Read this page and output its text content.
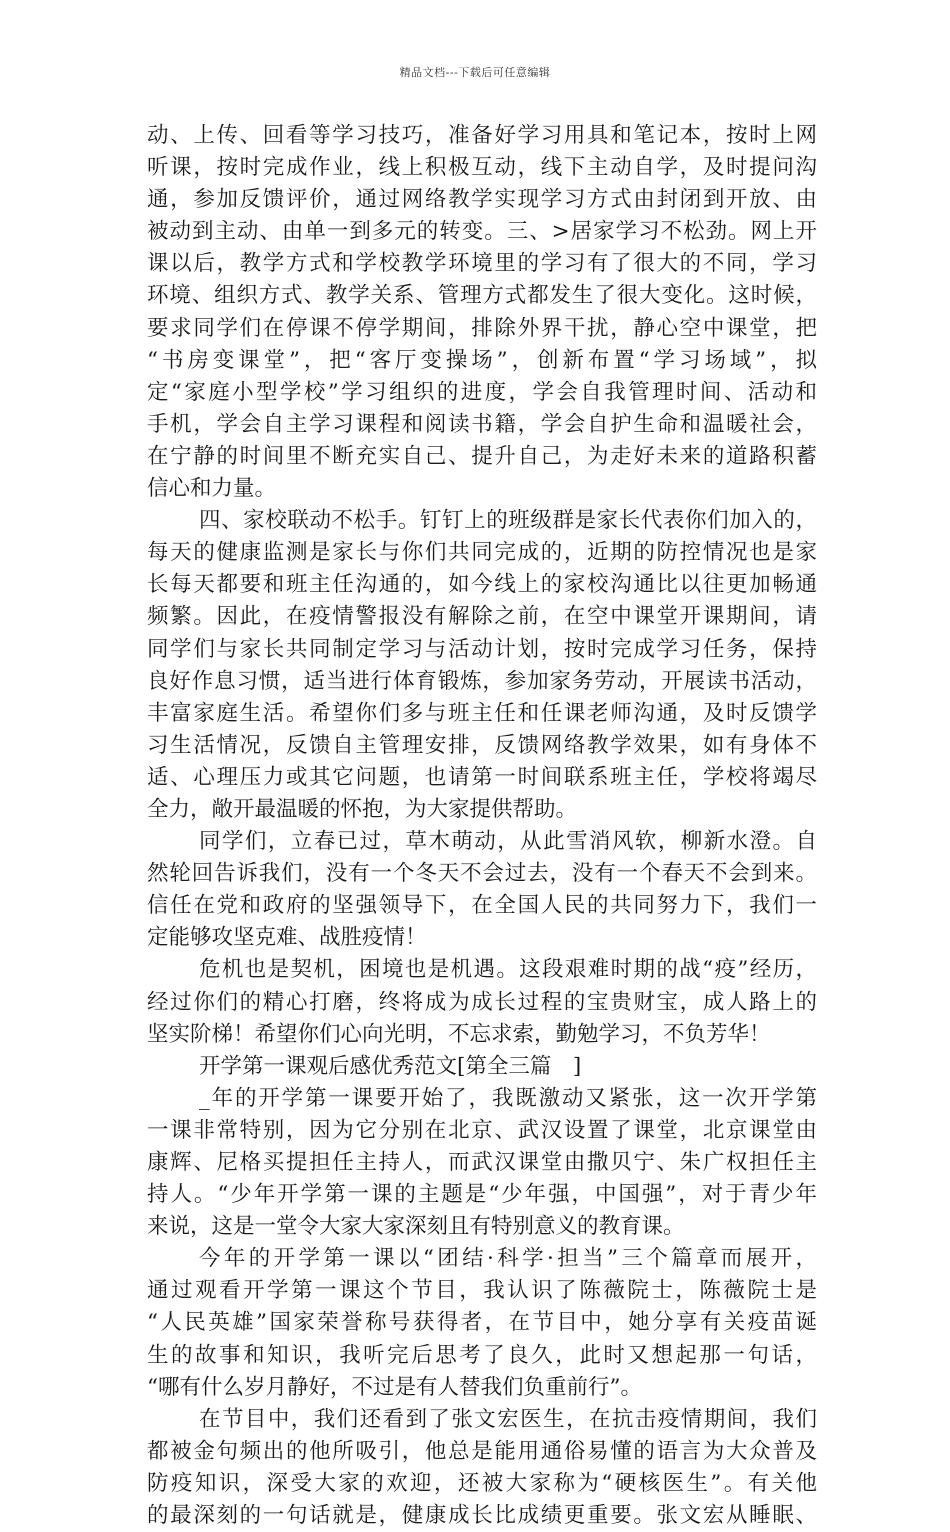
精品文档---下载后可任意编辑
动、上传、回看等学习技巧，准备好学习用具和笔记本，按时上网
听课，按时完成作业，线上积极互动，线下主动自学，及时提问沟
通，参加反馈评价，通过网络教学实现学习方式由封闭到开放、由
被动到主动、由单一到多元的转变。三、>居家学习不松劲。网上开
课以后，教学方式和学校教学环境里的学习有了很大的不同，学习
环境、组织方式、教学关系、管理方式都发生了很大变化。这时候，
要求同学们在停课不停学期间，排除外界干扰，静心空中课堂，把
“书房变课堂”，把“客厅变操场”，创新布置“学习场域”，拟
定“家庭小型学校”学习组织的进度，学会自我管理时间、活动和
手机，学会自主学习课程和阅读书籍，学会自护生命和温暖社会，
在宁静的时间里不断充实自己、提升自己，为走好未来的道路积蓄
信心和力量。
四、家校联动不松手。钉钉上的班级群是家长代表你们加入的，
每天的健康监测是家长与你们共同完成的，近期的防控情况也是家
长每天都要和班主任沟通的，如今线上的家校沟通比以往更加畅通
频繁。因此，在疫情警报没有解除之前，在空中课堂开课期间，请
同学们与家长共同制定学习与活动计划，按时完成学习任务，保持
良好作息习惯，适当进行体育锻炼，参加家务劳动，开展读书活动，
丰富家庭生活。希望你们多与班主任和任课老师沟通，及时反馈学
习生活情况，反馈自主管理安排，反馈网络教学效果，如有身体不
适、心理压力或其它问题，也请第一时间联系班主任，学校将竭尽
全力，敞开最温暖的怀抱，为大家提供帮助。
同学们，立春已过，草木萌动，从此雪消风软，柳新水澄。自
然轮回告诉我们，没有一个冬天不会过去，没有一个春天不会到来。
信任在党和政府的坚强领导下，在全国人民的共同努力下，我们一
定能够攻坚克难、战胜疫情！
危机也是契机，困境也是机遇。这段艰难时期的战“疫”经历，
经过你们的精心打磨，终将成为成长过程的宝贵财宝，成人路上的
坚实阶梯！希望你们心向光明，不忘求索，勤勉学习，不负芳华！
开学第一课观后感优秀范文[第全三篇　]
_年的开学第一课要开始了，我既激动又紧张，这一次开学第
一课非常特别，因为它分别在北京、武汉设置了课堂，北京课堂由
康辉、尼格买提担任主持人，而武汉课堂由撒贝宁、朱广权担任主
持人。“少年开学第一课的主题是“少年强，中国强”，对于青少年
来说，这是一堂令大家大家深刻且有特别意义的教育课。
今年的开学第一课以“团结·科学·担当”三个篇章而展开，
通过观看开学第一课这个节目，我认识了陈薇院士，陈薇院士是
“人民英雄”国家荣誉称号获得者，在节目中，她分享有关疫苗诞
生的故事和知识，我听完后思考了良久，此时又想起那一句话，
“哪有什么岁月静好，不过是有人替我们负重前行”。
在节目中，我们还看到了张文宏医生，在抗击疫情期间，我们
都被金句频出的他所吸引，他总是能用通俗易懂的语言为大众普及
防疫知识，深受大家的欢迎，还被大家称为“硬核医生”。有关他
的最深刻的一句话就是，健康成长比成绩更重要。张文宏从睡眠、
